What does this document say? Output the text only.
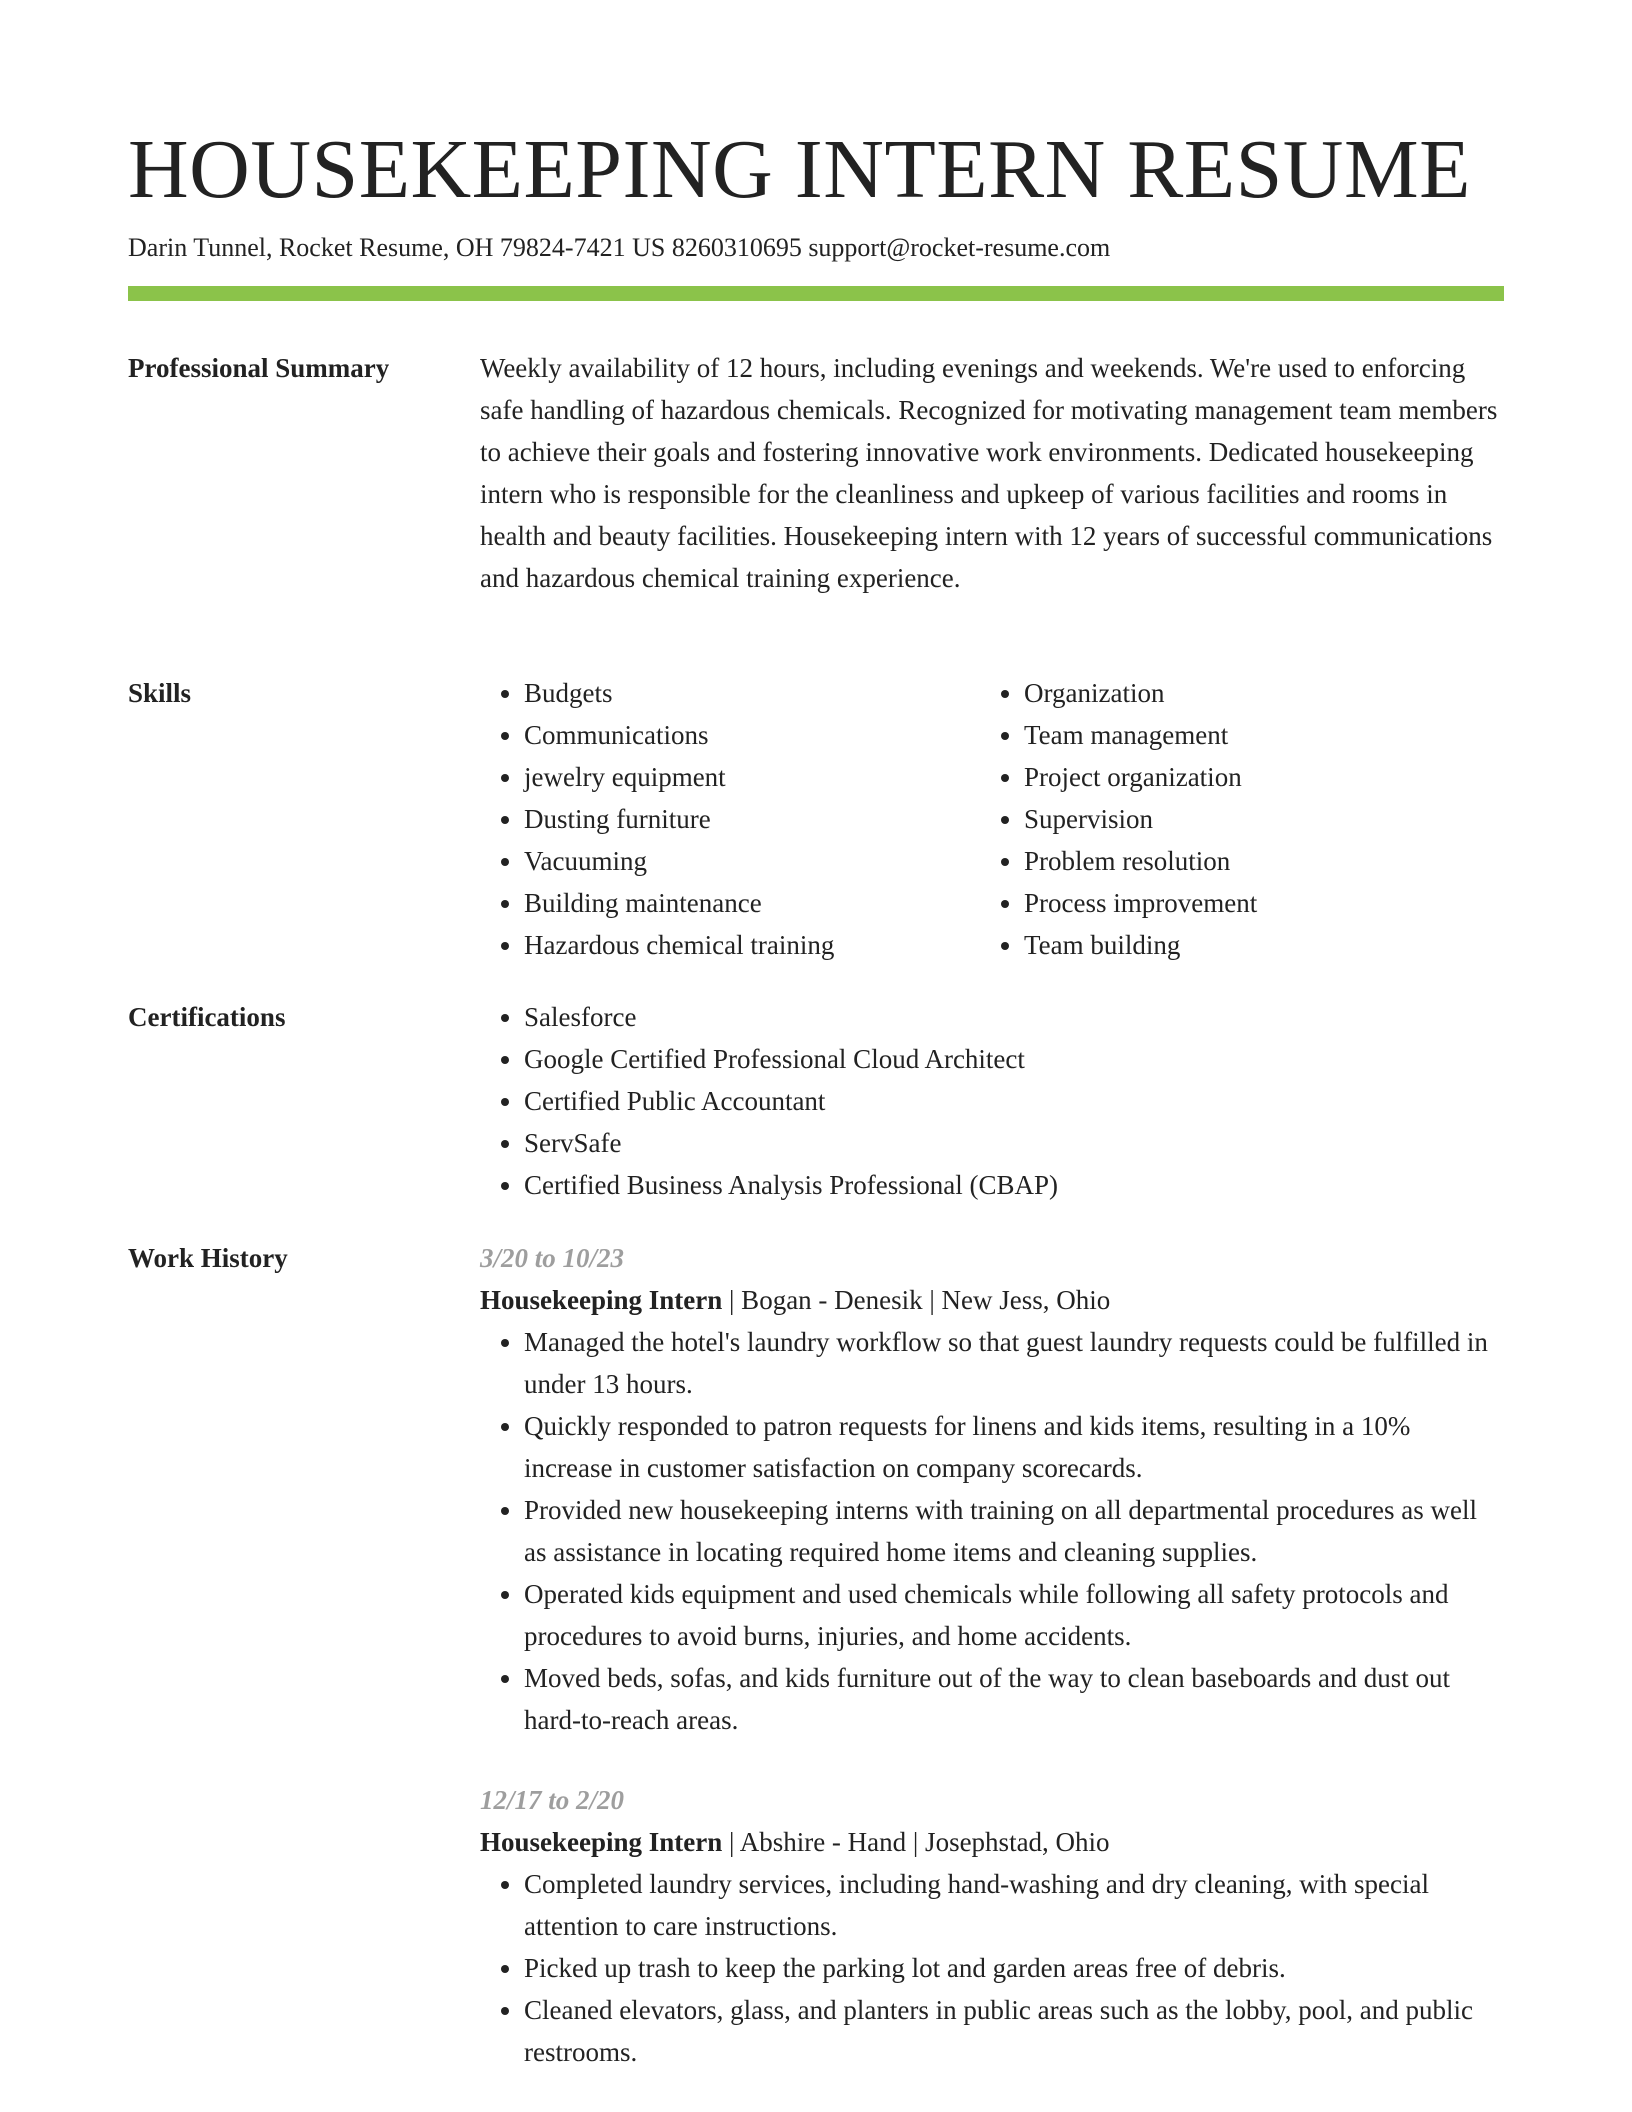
HOUSEKEEPING INTERN RESUME
Darin Tunnel, Rocket Resume, OH 79824-7421 US 8260310695 support@rocket-resume.com
Professional Summary	Weekly availability of 12 hours, including evenings and weekends. We're used to enforcing safe handling of hazardous chemicals. Recognized for motivating management team members to achieve their goals and fostering innovative work environments. Dedicated housekeeping intern who is responsible for the cleanliness and upkeep of various facilities and rooms in health and beauty facilities. Housekeeping intern with 12 years of successful communications and hazardous chemical training experience.

Skills	• Budgets
• Communications
• jewelry equipment
• Dusting furniture
• Vacuuming
• Building maintenance
• Hazardous chemical training
• Organization
• Team management
• Project organization
• Supervision
• Problem resolution
• Process improvement
• Team building
Certifications	• Salesforce
• Google Certified Professional Cloud Architect
• Certified Public Accountant
• ServSafe
• Certified Business Analysis Professional (CBAP)
Work History	3/20 to 10/23
Housekeeping Intern | Bogan - Denesik | New Jess, Ohio
• Managed the hotel's laundry workflow so that guest laundry requests could be fulfilled in under 13 hours.
• Quickly responded to patron requests for linens and kids items, resulting in a 10% increase in customer satisfaction on company scorecards.
• Provided new housekeeping interns with training on all departmental procedures as well as assistance in locating required home items and cleaning supplies.
• Operated kids equipment and used chemicals while following all safety protocols and procedures to avoid burns, injuries, and home accidents.
• Moved beds, sofas, and kids furniture out of the way to clean baseboards and dust out hard-to-reach areas.
12/17 to 2/20
Housekeeping Intern | Abshire - Hand | Josephstad, Ohio
• Completed laundry services, including hand-washing and dry cleaning, with special attention to care instructions.
• Picked up trash to keep the parking lot and garden areas free of debris.
• Cleaned elevators, glass, and planters in public areas such as the lobby, pool, and public restrooms.
